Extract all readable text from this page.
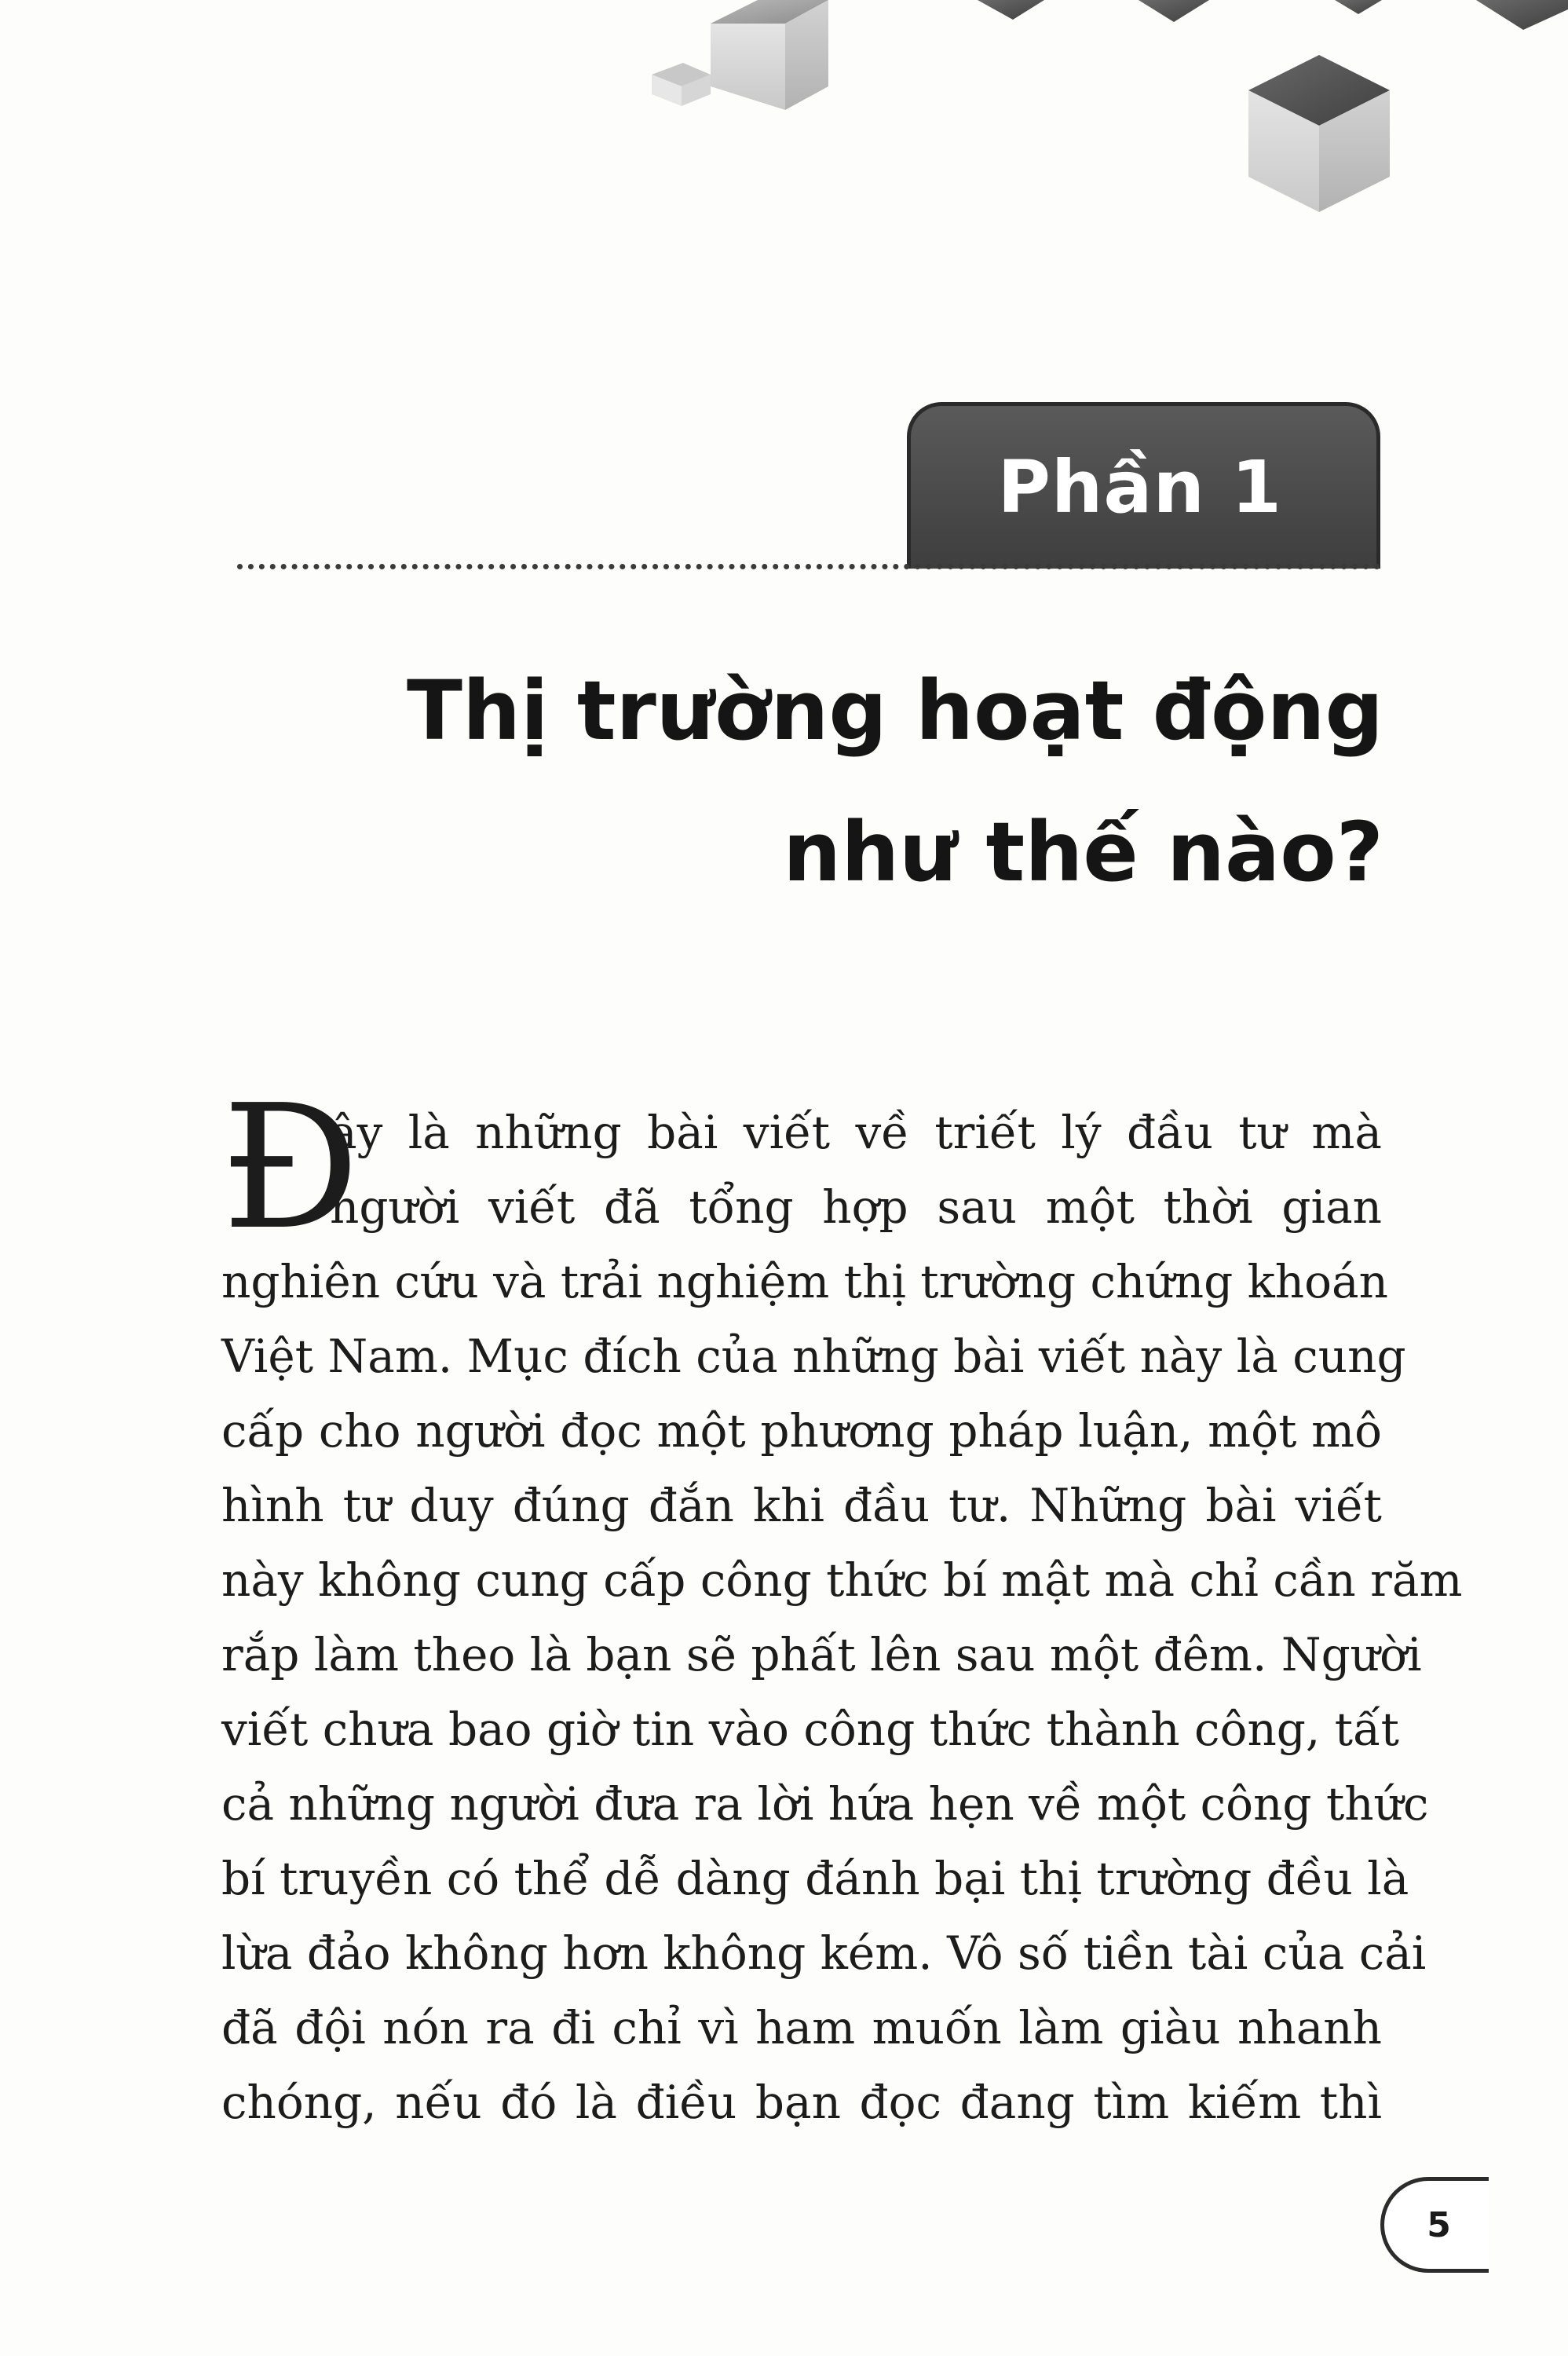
Phần 1
Thị trường hoạt động
như thế nào?
Đ
ây là những bài viết về triết lý đầu tư mà
người viết đã tổng hợp sau một thời gian
nghiên cứu và trải nghiệm thị trường chứng khoán
Việt Nam. Mục đích của những bài viết này là cung
cấp cho người đọc một phương pháp luận, một mô
hình tư duy đúng đắn khi đầu tư. Những bài viết
này không cung cấp công thức bí mật mà chỉ cần răm
rắp làm theo là bạn sẽ phất lên sau một đêm. Người
viết chưa bao giờ tin vào công thức thành công, tất
cả những người đưa ra lời hứa hẹn về một công thức
bí truyền có thể dễ dàng đánh bại thị trường đều là
lừa đảo không hơn không kém. Vô số tiền tài của cải
đã đội nón ra đi chỉ vì ham muốn làm giàu nhanh
chóng, nếu đó là điều bạn đọc đang tìm kiếm thì
5
